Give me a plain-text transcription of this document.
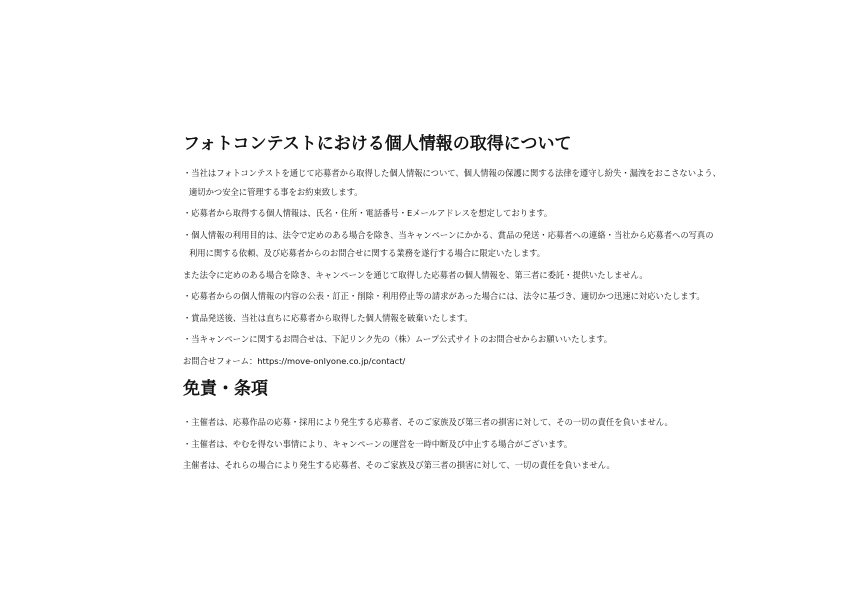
フォトコンテストにおける個人情報の取得について
・当社はフォトコンテストを通じて応募者から取得した個人情報について、個人情報の保護に関する法律を遵守し紛失・漏洩をおこさないよう、
適切かつ安全に管理する事をお約束致します。
・応募者から取得する個人情報は、氏名・住所・電話番号・Eメールアドレスを想定しております。
・個人情報の利用目的は、法令で定めのある場合を除き、当キャンペーンにかかる、賞品の発送・応募者への連絡・当社から応募者への写真の
利用に関する依頼、及び応募者からのお問合せに関する業務を遂行する場合に限定いたします。
また法令に定めのある場合を除き、キャンペーンを通じて取得した応募者の個人情報を、第三者に委託・提供いたしません。
・応募者からの個人情報の内容の公表・訂正・削除・利用停止等の請求があった場合には、法令に基づき、適切かつ迅速に対応いたします。
・賞品発送後、当社は直ちに応募者から取得した個人情報を破棄いたします。
・当キャンペーンに関するお問合せは、下記リンク先の（株）ムープ公式サイトのお問合せからお願いいたします。
お問合せフォーム：https://move-onlyone.co.jp/contact/
免責・条項
・主催者は、応募作品の応募・採用により発生する応募者、そのご家族及び第三者の損害に対して、その一切の責任を負いません。
・主催者は、やむを得ない事情により、キャンペーンの運営を一時中断及び中止する場合がございます。
主催者は、それらの場合により発生する応募者、そのご家族及び第三者の損害に対して、一切の責任を負いません。
